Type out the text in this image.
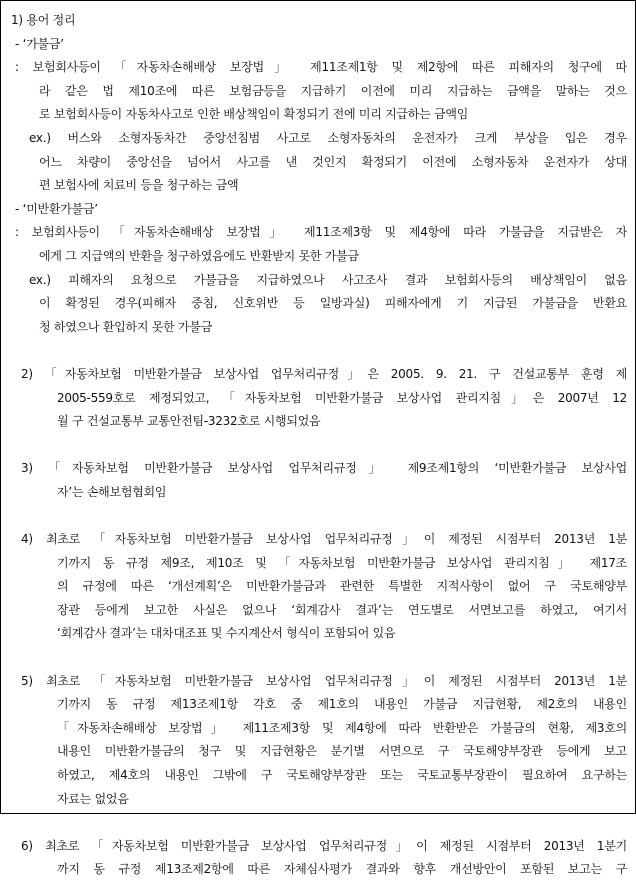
1) 용어 정리
- ‘가불금’
: 보험회사등이 「자동차손해배상 보장법」 제11조제1항 및 제2항에 따른 피해자의 청구에 따
라 같은 법 제10조에 따른 보험금등을 지급하기 이전에 미리 지급하는 금액을 말하는 것으
로 보험회사등이 자동차사고로 인한 배상책임이 확정되기 전에 미리 지급하는 금액임
ex.) 버스와 소형자동차간 중앙선침범 사고로 소형자동차의 운전자가 크게 부상을 입은 경우
어느 차량이 중앙선을 넘어서 사고를 낸 것인지 확정되기 이전에 소형자동차 운전자가 상대
편 보험사에 치료비 등을 청구하는 금액
- ‘미반환가불금’
: 보험회사등이 「자동차손해배상 보장법」 제11조제3항 및 제4항에 따라 가불금을 지급받은 자
에게 그 지급액의 반환을 청구하였음에도 반환받지 못한 가불금
ex.) 피해자의 요청으로 가불금을 지급하였으나 사고조사 결과 보험회사등의 배상책임이 없음
이 확정된 경우(피해자 중침, 신호위반 등 일방과실) 피해자에게 기 지급된 가불금을 반환요
청 하였으나 환입하지 못한 가불금
2) 「자동차보험 미반환가불금 보상사업 업무처리규정」은 2005. 9. 21. 구 건설교통부 훈령 제
2005-559호로 제정되었고, 「자동차보험 미반환가불금 보상사업 관리지침」은 2007년 12
월 구 건설교통부 교통안전팀-3232호로 시행되었음
3) 「자동차보험 미반환가불금 보상사업 업무처리규정」 제9조제1항의 ‘미반환가불금 보상사업
자’는 손해보험협회임
4) 최초로 「자동차보험 미반환가불금 보상사업 업무처리규정」이 제정된 시점부터 2013년 1분
기까지 동 규정 제9조, 제10조 및 「자동차보험 미반환가불금 보상사업 관리지침」 제17조
의 규정에 따른 ‘개선계획’은 미반환가불금과 관련한 특별한 지적사항이 없어 구 국토해양부
장관 등에게 보고한 사실은 없으나 ‘회계감사 결과’는 연도별로 서면보고를 하였고, 여기서
‘회계감사 결과’는 대차대조표 및 수지계산서 형식이 포함되어 있음
5) 최초로 「자동차보험 미반환가불금 보상사업 업무처리규정」이 제정된 시점부터 2013년 1분
기까지 동 규정 제13조제1항 각호 중 제1호의 내용인 가불금 지급현황, 제2호의 내용인
「자동차손해배상 보장법」 제11조제3항 및 제4항에 따라 반환받은 가불금의 현황, 제3호의
내용인 미반환가불금의 청구 및 지급현황은 분기별 서면으로 구 국토해양부장관 등에게 보고
하였고, 제4호의 내용인 그밖에 구 국토해양부장관 또는 국토교통부장관이 필요하여 요구하는
자료는 없었음
6) 최초로 「자동차보험 미반환가불금 보상사업 업무처리규정」이 제정된 시점부터 2013년 1분기
까지 동 규정 제13조제2항에 따른 자체심사평가 결과와 향후 개선방안이 포함된 보고는 구
